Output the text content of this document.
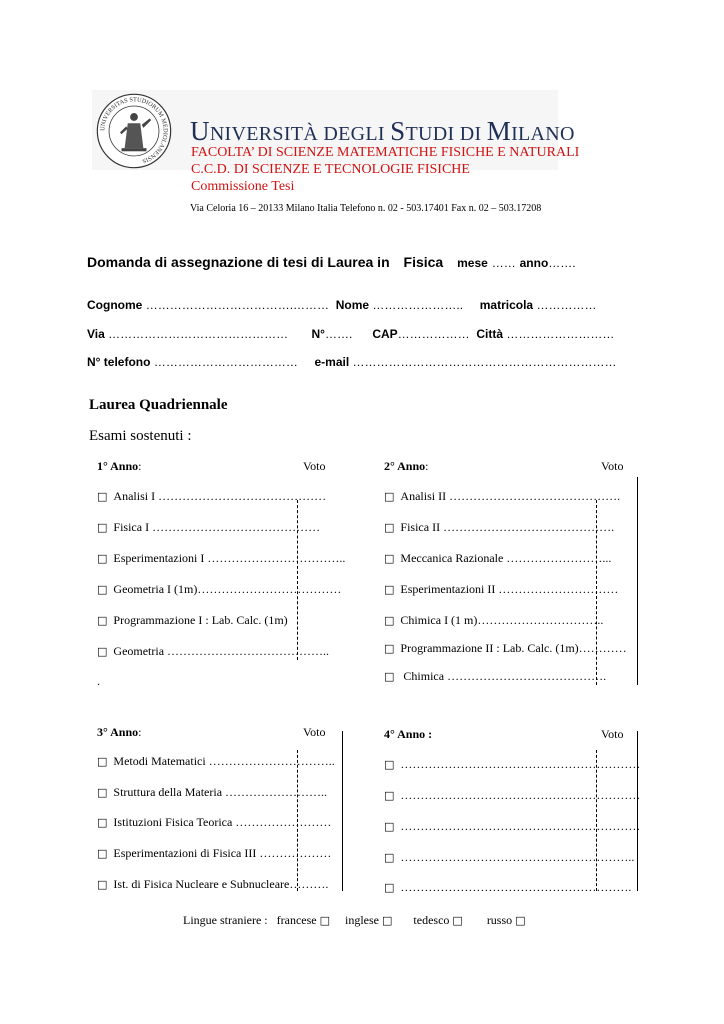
UNIVERSITAS STUDIORUM MEDIOLANENSIS
UNIVERSITÀ DEGLI STUDI DI MILANO
FACOLTA’ DI SCIENZE MATEMATICHE FISICHE E NATURALI
C.C.D. DI SCIENZE E TECNOLOGIE FISICHE
Commissione Tesi
Via Celoria 16 – 20133 Milano Italia Telefono n. 02 - 503.17401 Fax n. 02 – 503.17208
Domanda di assegnazione di tesi di Laurea in Fisica mese …… anno…….
Cognome ……………………………….……… Nome ………………….. matricola ……………
Via ……………………………………… N°……. CAP……………… Città ………………………
N° telefono ……………………………… e-mail …………………………………………………………
Laurea Quadriennale
Esami sostenuti :
1° Anno:	Voto
□ Analisi I ……………………………………
□ Fisica I ……………………………………
□ Esperimentazioni I ……………………………..
□ Geometria I (1m)………………………………
□ Programmazione I : Lab. Calc. (1m)
□ Geometria …………………………………..
.
2° Anno:	Voto
□ Analisi II …………………………………….
□ Fisica II …………………………………….
□ Meccanica Razionale ……………………...
□ Esperimentazioni II …………………………
□ Chimica I (1 m)…………………………..
□ Programmazione II : Lab. Calc. (1m)…………
□ Chimica ………………………………….
3° Anno:	Voto
□ Metodi Matematici …………………………..
□ Struttura della Materia ……………………..
□ Istituzioni Fisica Teorica ……………………
□ Esperimentazioni di Fisica III ………………
□ Ist. di Fisica Nucleare e Subnucleare……….
4° Anno :	Voto
□ ……………………………………………………
□ ……………………………………………………
□ ……………………………………………………
□ …………………………………………………..
□ ………………………………………………….
Lingue straniere : francese □ inglese □ tedesco □ russo □
